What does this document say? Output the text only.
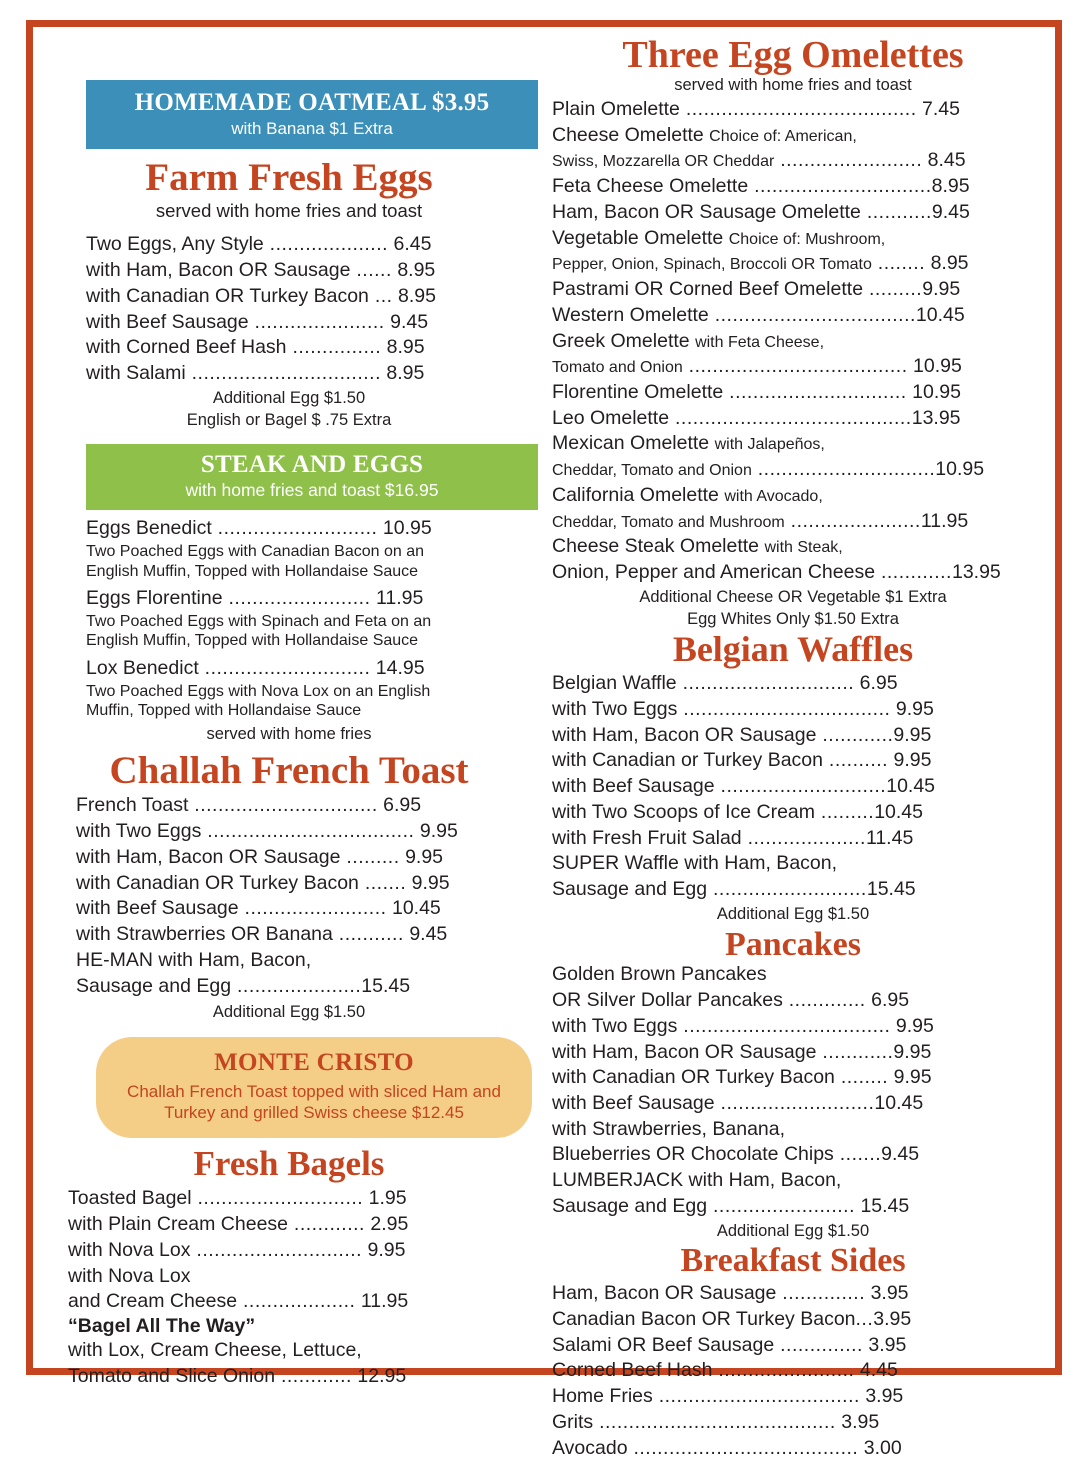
HOMEMADE OATMEAL $3.95
with Banana $1 Extra
Farm Fresh Eggs
served with home fries and toast
Two Eggs, Any Style .................... 6.45
with Ham, Bacon OR Sausage ...... 8.95
with Canadian OR Turkey Bacon ... 8.95
with Beef Sausage ...................... 9.45
with Corned Beef Hash ............... 8.95
with Salami ................................ 8.95
Additional Egg $1.50
English or Bagel $ .75 Extra
STEAK AND EGGS
with home fries and toast $16.95
Eggs Benedict ........................... 10.95
Two Poached Eggs with Canadian Bacon on an
English Muffin, Topped with Hollandaise Sauce
Eggs Florentine ........................ 11.95
Two Poached Eggs with Spinach and Feta on an
English Muffin, Topped with Hollandaise Sauce
Lox Benedict ............................ 14.95
Two Poached Eggs with Nova Lox on an English
Muffin, Topped with Hollandaise Sauce
served with home fries
Challah French Toast
French Toast ............................... 6.95
with Two Eggs ................................... 9.95
with Ham, Bacon OR Sausage ......... 9.95
with Canadian OR Turkey Bacon ....... 9.95
with Beef Sausage ........................ 10.45
with Strawberries OR Banana ........... 9.45
HE-MAN with Ham, Bacon,
Sausage and Egg .....................15.45
Additional Egg $1.50
MONTE CRISTO
Challah French Toast topped with sliced Ham and Turkey and grilled Swiss cheese $12.45
Fresh Bagels
Toasted Bagel ............................ 1.95
with Plain Cream Cheese ............ 2.95
with Nova Lox ............................ 9.95
with Nova Lox
and Cream Cheese ................... 11.95
“Bagel All The Way”
with Lox, Cream Cheese, Lettuce,
Tomato and Slice Onion ............ 12.95
Three Egg Omelettes
served with home fries and toast
Plain Omelette ....................................... 7.45
Cheese Omelette Choice of: American,
Swiss, Mozzarella OR Cheddar ........................ 8.45
Feta Cheese Omelette ..............................8.95
Ham, Bacon OR Sausage Omelette ...........9.45
Vegetable Omelette Choice of: Mushroom,
Pepper, Onion, Spinach, Broccoli OR Tomato ........ 8.95
Pastrami OR Corned Beef Omelette .........9.95
Western Omelette ..................................10.45
Greek Omelette with Feta Cheese,
Tomato and Onion ..................................... 10.95
Florentine Omelette .............................. 10.95
Leo Omelette ........................................13.95
Mexican Omelette with Jalapeños,
Cheddar, Tomato and Onion ..............................10.95
California Omelette with Avocado,
Cheddar, Tomato and Mushroom ......................11.95
Cheese Steak Omelette with Steak,
Onion, Pepper and American Cheese ............13.95
Additional Cheese OR Vegetable $1 Extra
Egg Whites Only $1.50 Extra
Belgian Waffles
Belgian Waffle ............................. 6.95
with Two Eggs ................................... 9.95
with Ham, Bacon OR Sausage ............9.95
with Canadian or Turkey Bacon .......... 9.95
with Beef Sausage ............................10.45
with Two Scoops of Ice Cream .........10.45
with Fresh Fruit Salad ....................11.45
SUPER Waffle with Ham, Bacon,
Sausage and Egg ..........................15.45
Additional Egg $1.50
Pancakes
Golden Brown Pancakes
OR Silver Dollar Pancakes ............. 6.95
with Two Eggs ................................... 9.95
with Ham, Bacon OR Sausage ............9.95
with Canadian OR Turkey Bacon ........ 9.95
with Beef Sausage ..........................10.45
with Strawberries, Banana,
Blueberries OR Chocolate Chips .......9.45
LUMBERJACK with Ham, Bacon,
Sausage and Egg ........................ 15.45
Additional Egg $1.50
Breakfast Sides
Ham, Bacon OR Sausage .............. 3.95
Canadian Bacon OR Turkey Bacon...3.95
Salami OR Beef Sausage .............. 3.95
Corned Beef Hash ....................... 4.45
Home Fries .................................. 3.95
Grits ........................................ 3.95
Avocado ...................................... 3.00
